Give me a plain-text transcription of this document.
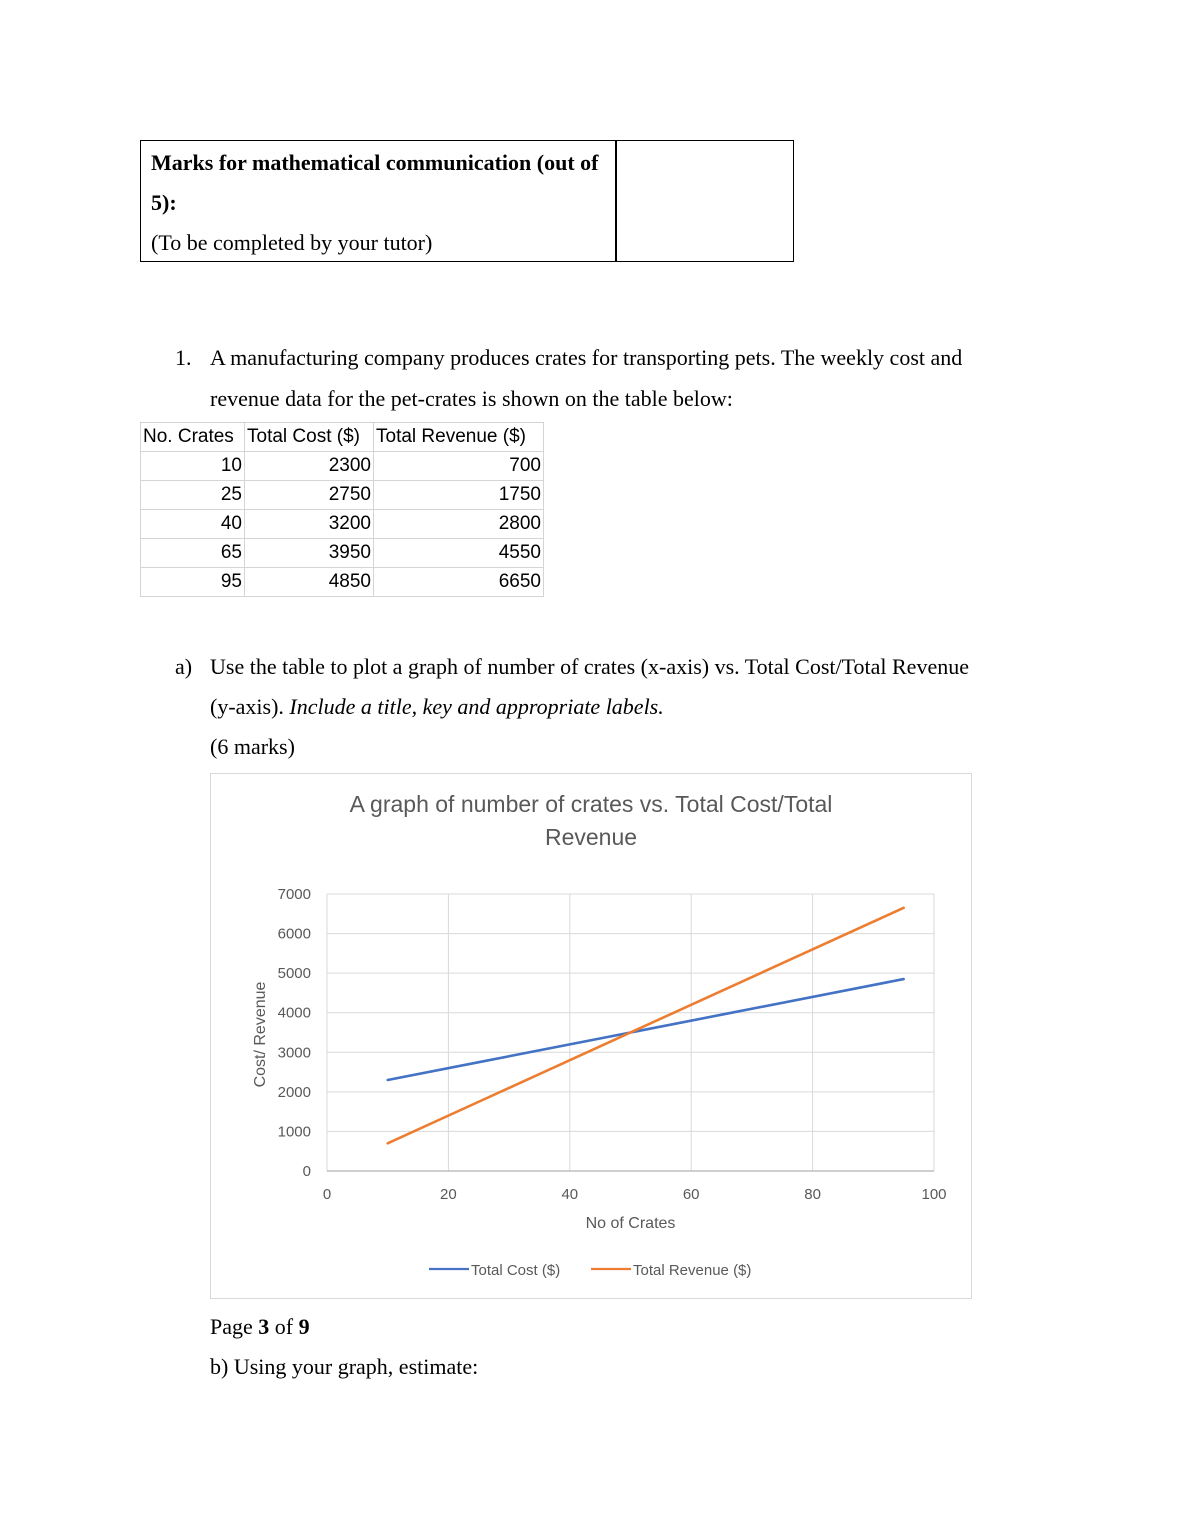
Marks for mathematical communication (out of 5):
(To be completed by your tutor)
1. A manufacturing company produces crates for transporting pets. The weekly cost and revenue data for the pet-crates is shown on the table below:
No. Crates	Total Cost ($)	Total Revenue ($)
10	2300	700
25	2750	1750
40	3200	2800
65	3950	4550
95	4850	6650
a) Use the table to plot a graph of number of crates (x-axis) vs. Total Cost/Total Revenue (y-axis). Include a title, key and appropriate labels.
(6 marks)
A graph of number of crates vs. Total Cost/Total Revenue
0
1000
2000
3000
4000
5000
6000
7000
0	20	40	60	80	100
No of Crates
Cost/ Revenue
Total Cost ($)	Total Revenue ($)
Page 3 of 9
b) Using your graph, estimate:
